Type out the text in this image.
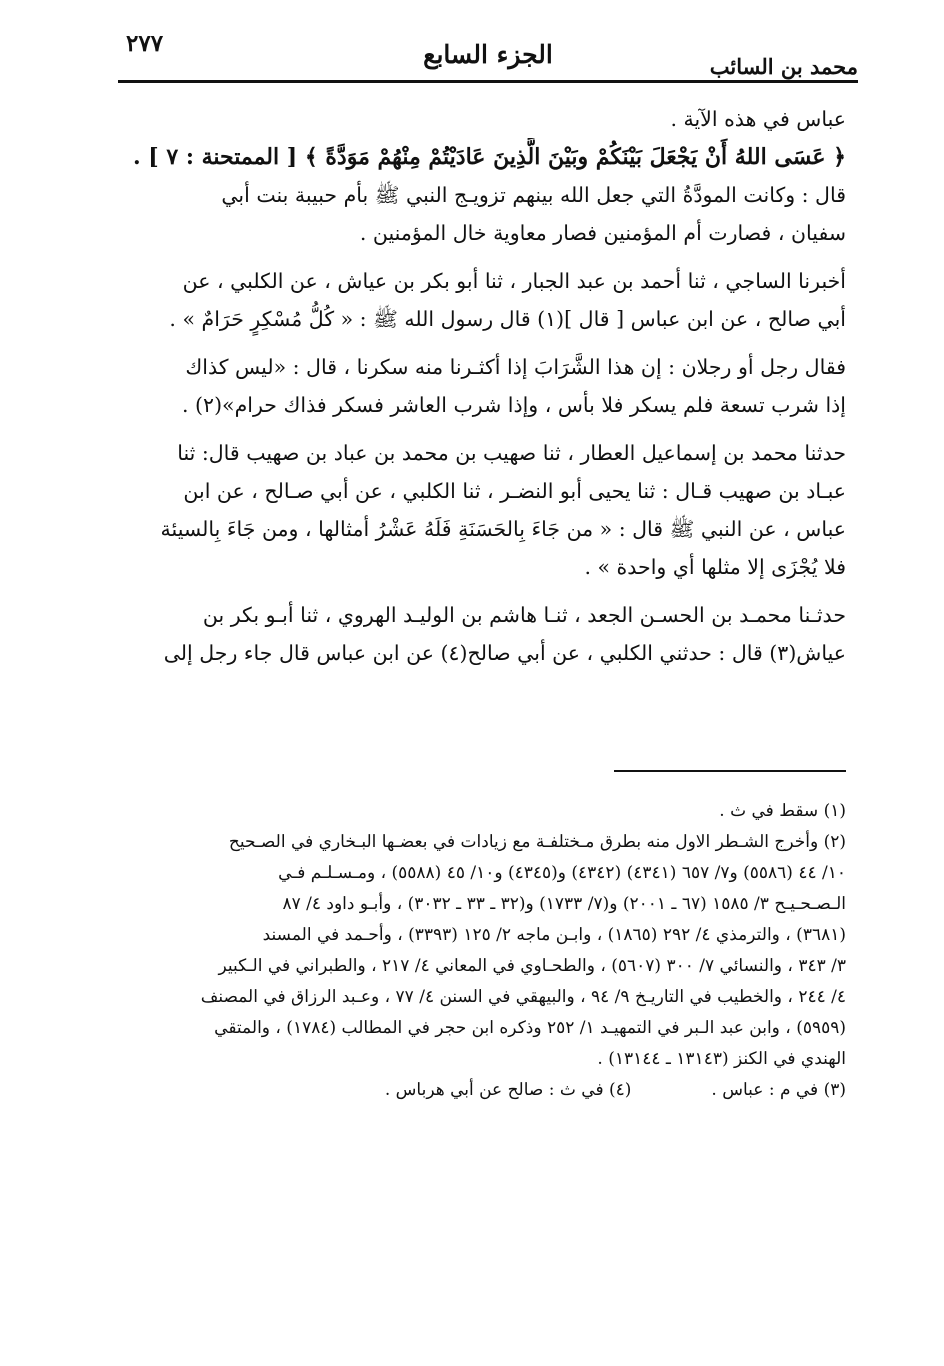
محمد بن السائب
الجزء السابع
٢٧٧
عباس في هذه الآية .
﴿ عَسَى اللهُ أَنْ يَجْعَلَ بَيْنَكُمْ وبَيْنَ الَّذِينَ عَادَيْتُمْ مِنْهُمْ مَوَدَّةً ﴾ [ الممتحنة : ٧ ] .
قال : وكانت المودَّةُ التي جعل الله بينهم تزويـج النبي ﷺ بأم حبيبة بنت أبي
سفيان ، فصارت أم المؤمنين فصار معاوية خال المؤمنين .
أخبرنا الساجي ، ثنا أحمد بن عبد الجبار ، ثنا أبو بكر بن عياش ، عن الكلبي ، عن
أبي صالح ، عن ابن عباس [ قال ](١) قال رسول الله ﷺ : « كُلُّ مُسْكِرٍ حَرَامٌ » .
فقال رجل أو رجلان : إن هذا الشَّرَابَ إذا أكثـرنا منه سكرنا ، قال : «ليس كذاك
إذا شرب تسعة فلم يسكر فلا بأس ، وإذا شرب العاشر فسكر فذاك حرام»(٢) .
حدثنا محمد بن إسماعيل العطار ، ثنا صهيب بن محمد بن عباد بن صهيب قال: ثنا
عبـاد بن صهيب قـال : ثنا يحيى أبو النضـر ، ثنا الكلبي ، عن أبي صـالح ، عن ابن
عباس ، عن النبي ﷺ قال : « من جَاءَ بِالحَسَنَةِ فَلَهُ عَشْرُ أمثالها ، ومن جَاءَ بِالسيئة
فلا يُجْزَى إلا مثلها أي واحدة » .
حدثـنا محمـد بن الحسـن الجعد ، ثنـا هاشم بن الوليـد الهروي ، ثنا أبـو بكر بن
عياش(٣) قال : حدثني الكلبي ، عن أبي صالح(٤) عن ابن عباس قال جاء رجل إلى
(١) سقط في ث .
(٢) وأخرج الشـطر الاول منه بطرق مـختلفـة مع زيادات في بعضـها البـخاري في الصـحيح
١٠/ ٤٤ (٥٥٨٦) و٧/ ٦٥٧ (٤٣٤١) (٤٣٤٢) و(٤٣٤٥) و١٠/ ٤٥ (٥٥٨٨) ، ومـسـلـم فـي
الـصـحـيـح ٣/ ١٥٨٥ (٦٧ ـ ٢٠٠١) و(٧/ ١٧٣٣) و(٣٢ ـ ٣٣ ـ ٣٠٣٢) ، وأبـو داود ٤/ ٨٧
(٣٦٨١) ، والترمذي ٤/ ٢٩٢ (١٨٦٥) ، وابـن ماجه ٢/ ١٢٥ (٣٣٩٣) ، وأحـمد في المسند
٣/ ٣٤٣ ، والنسائي ٧/ ٣٠٠ (٥٦٠٧) ، والطحـاوي في المعاني ٤/ ٢١٧ ، والطبراني في الـكبير
٤/ ٢٤٤ ، والخطيب في التاريـخ ٩/ ٩٤ ، والبيهقي في السنن ٤/ ٧٧ ، وعـبد الرزاق في المصنف
(٥٩٥٩) ، وابن عبد الـبر في التمهيـد ١/ ٢٥٢ وذكره ابن حجر في المطالب (١٧٨٤) ، والمتقي
الهندي في الكنز (١٣١٤٣ ـ ١٣١٤٤) .
(٣) في م : عباس .
(٤) في ث : صالح عن أبي هرباس .
